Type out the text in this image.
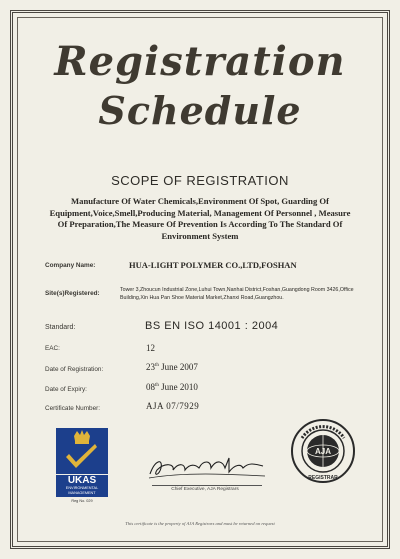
Registration
Schedule
SCOPE OF REGISTRATION
Manufacture Of Water Chemicals,Environment Of Spot, Guarding Of Equipment,Voice,Smell,Producing Material, Management Of Personnel , Measure Of Preparation,The Measure Of Prevention Is According To The Standard Of Environment System
Company Name:	HUA-LIGHT POLYMER CO.,LTD,FOSHAN
Site(s)Registered:	Tower 3,Zhoucun Industrial Zone,Luhui Town,Nanhai District,Foshan,Guangdong Room 3426,Office Building,Xin Hua Pan Shoe Material Market,Zhanxi Road,Guangzhou.
Standard:	BS EN ISO 14001 : 2004
EAC:	12
Date of Registration:	23th June 2007
Date of Expiry:	08th June 2010
Certificate Number:	AJA 07/7929
UKAS
ENVIRONMENTAL MANAGEMENT
Reg No. 029
Chief Executive, AJA Registrars
AJA
REGISTRAR
This certificate is the property of AJA Registrars and must be returned on request
